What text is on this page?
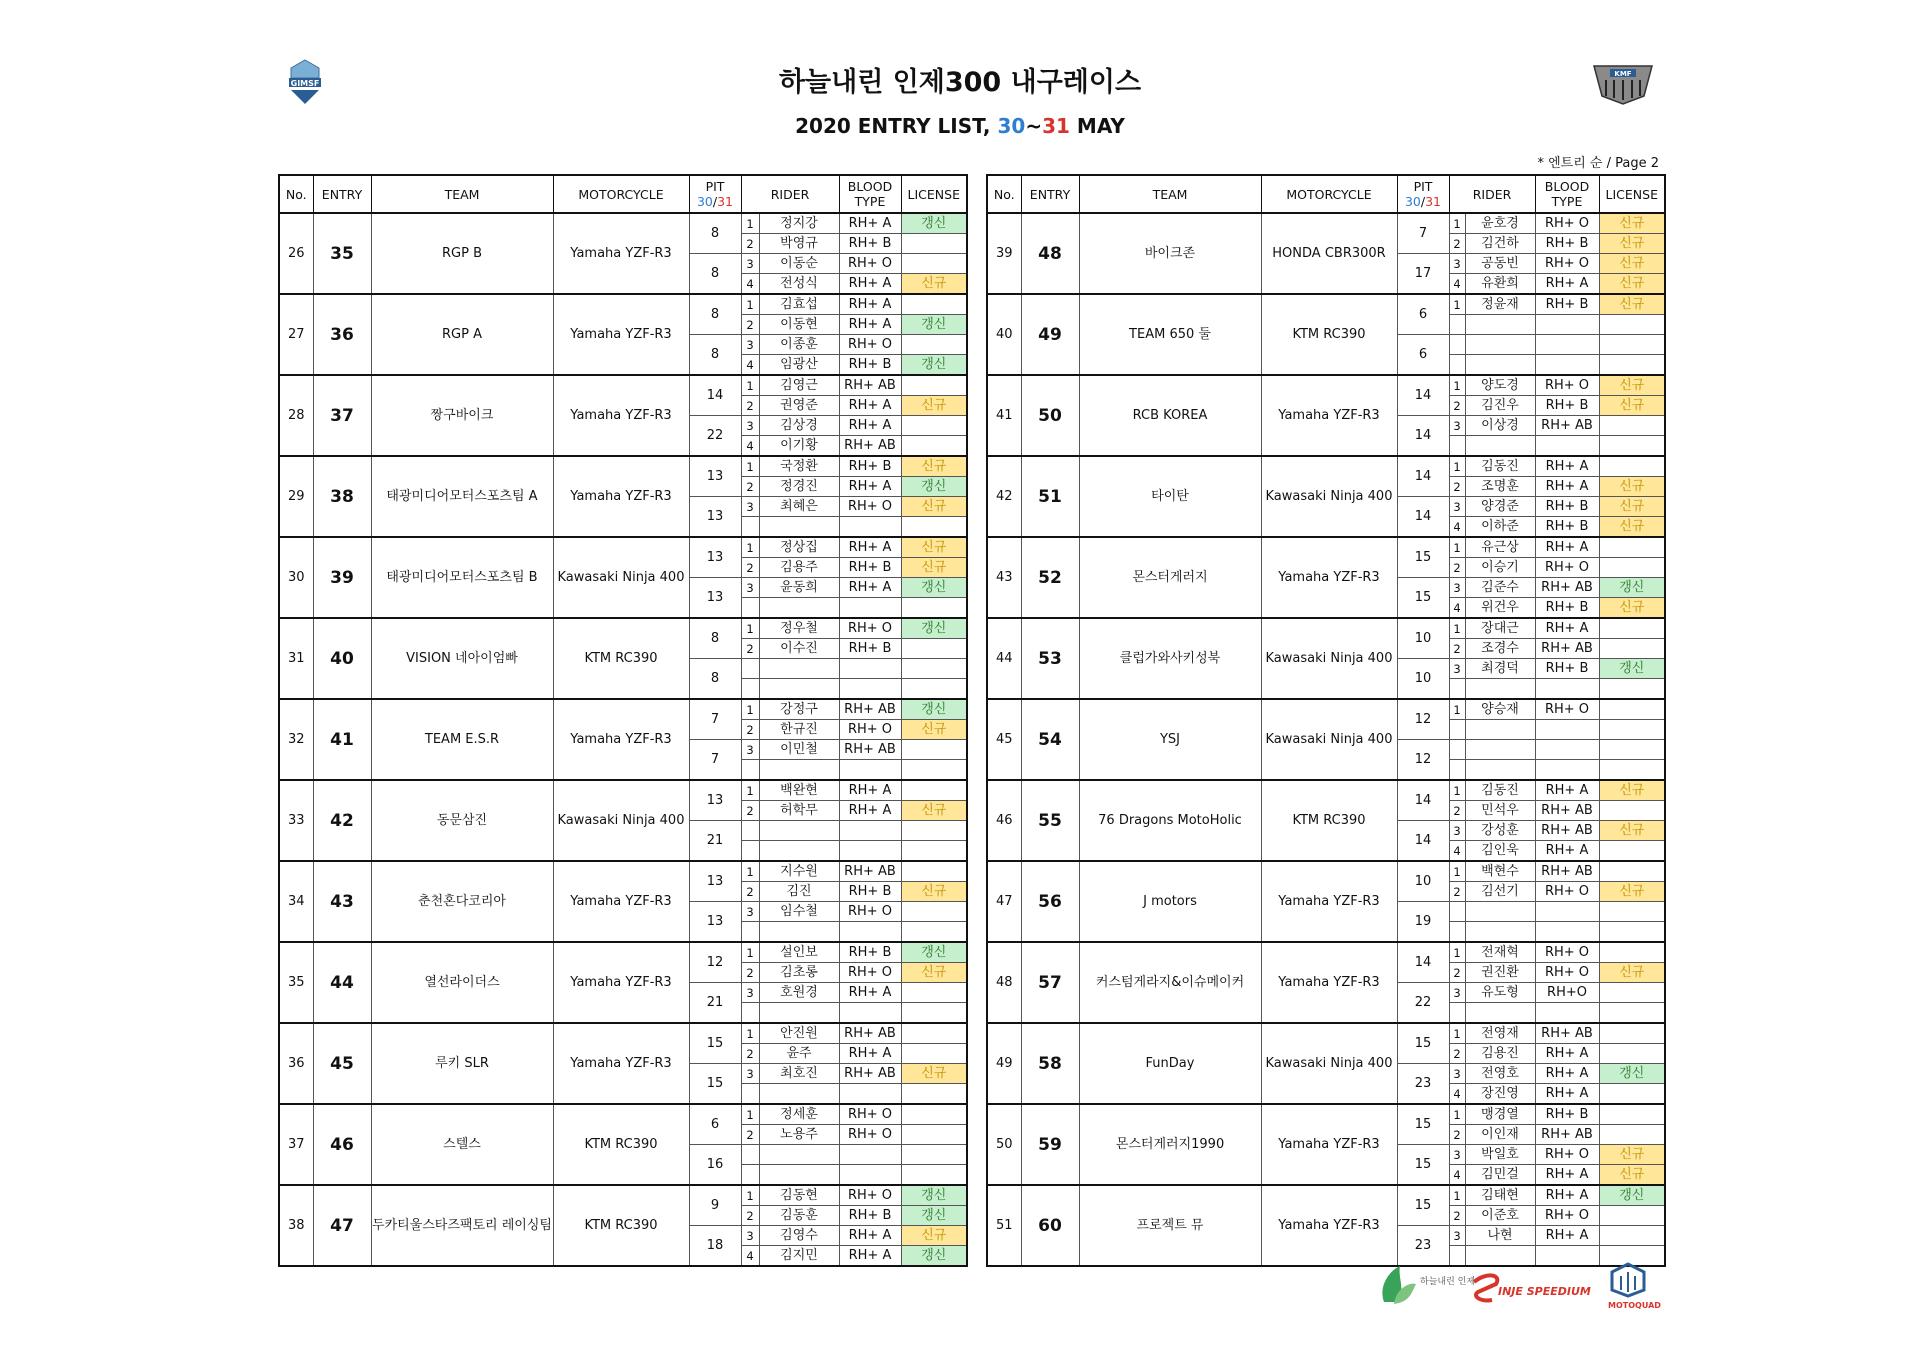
GIMSF
KMF
하늘내린 인제300 내구레이스
2020 ENTRY LIST, 30~31 MAY
* 엔트리 순 / Page 2
No.	ENTRY	TEAM	MOTORCYCLE	PIT
30/31	RIDER		BLOOD
TYPE	LICENSE
26	35	RGP B	Yamaha YZF-R3	8	1	정지강	RH+ A	갱신
					2	박영규	RH+ B	
				8	3	이동순	RH+ O	
					4	전성식	RH+ A	신규
27	36	RGP A	Yamaha YZF-R3	8	1	김효섭	RH+ A	
					2	이동현	RH+ A	갱신
				8	3	이종훈	RH+ O	
					4	임광산	RH+ B	갱신
28	37	짱구바이크	Yamaha YZF-R3	14	1	김영근	RH+ AB	
					2	권영준	RH+ A	신규
				22	3	김상경	RH+ A	
					4	이기황	RH+ AB	
29	38	태광미디어모터스포츠팀 A	Yamaha YZF-R3	13	1	국정환	RH+ B	신규
					2	정경진	RH+ A	갱신
				13	3	최혜은	RH+ O	신규

30	39	태광미디어모터스포츠팀 B	Kawasaki Ninja 400	13	1	정상집	RH+ A	신규
					2	김용주	RH+ B	신규
				13	3	윤동희	RH+ A	갱신

31	40	VISION 네아이엄빠	KTM RC390	8	1	정우철	RH+ O	갱신
					2	이수진	RH+ B	
				8				

32	41	TEAM E.S.R	Yamaha YZF-R3	7	1	강정구	RH+ AB	갱신
					2	한규진	RH+ O	신규
				7	3	이민철	RH+ AB	

33	42	동문삼진	Kawasaki Ninja 400	13	1	백완현	RH+ A	
					2	허학무	RH+ A	신규
				21				

34	43	춘천혼다코리아	Yamaha YZF-R3	13	1	지수원	RH+ AB	
					2	김진	RH+ B	신규
				13	3	임수철	RH+ O	

35	44	열선라이더스	Yamaha YZF-R3	12	1	설인보	RH+ B	갱신
					2	김초롱	RH+ O	신규
				21	3	호원경	RH+ A	

36	45	루키 SLR	Yamaha YZF-R3	15	1	안진원	RH+ AB	
					2	윤주	RH+ A	
				15	3	최호진	RH+ AB	신규

37	46	스텔스	KTM RC390	6	1	정세훈	RH+ O	
					2	노용주	RH+ O	
				16				

38	47	두카티울스타즈팩토리 레이싱팀	KTM RC390	9	1	김동현	RH+ O	갱신
					2	김동훈	RH+ B	갱신
				18	3	김영수	RH+ A	신규
					4	김지민	RH+ A	갱신
No.	ENTRY	TEAM	MOTORCYCLE	PIT
30/31	RIDER		BLOOD
TYPE	LICENSE
39	48	바이크존	HONDA CBR300R	7	1	윤호경	RH+ O	신규
					2	김건하	RH+ B	신규
				17	3	공동빈	RH+ O	신규
					4	유환희	RH+ A	신규
40	49	TEAM 650 둘	KTM RC390	6	1	정윤재	RH+ B	신규

				6				

41	50	RCB KOREA	Yamaha YZF-R3	14	1	양도경	RH+ O	신규
					2	김진우	RH+ B	신규
				14	3	이상경	RH+ AB	

42	51	타이탄	Kawasaki Ninja 400	14	1	김동진	RH+ A	
					2	조명훈	RH+ A	신규
				14	3	양경준	RH+ B	신규
					4	이하준	RH+ B	신규
43	52	몬스터게러지	Yamaha YZF-R3	15	1	유근상	RH+ A	
					2	이승기	RH+ O	
				15	3	김준수	RH+ AB	갱신
					4	위건우	RH+ B	신규
44	53	클럽가와사키성북	Kawasaki Ninja 400	10	1	장대근	RH+ A	
					2	조경수	RH+ AB	
				10	3	최경덕	RH+ B	갱신

45	54	YSJ	Kawasaki Ninja 400	12	1	양승재	RH+ O	

				12				

46	55	76 Dragons MotoHolic	KTM RC390	14	1	김동진	RH+ A	신규
					2	민석우	RH+ AB	
				14	3	강성훈	RH+ AB	신규
					4	김인욱	RH+ A	
47	56	J motors	Yamaha YZF-R3	10	1	백현수	RH+ AB	
					2	김선기	RH+ O	신규
				19				

48	57	커스텀게라지&이슈메이커	Yamaha YZF-R3	14	1	전재혁	RH+ O	
					2	권진환	RH+ O	신규
				22	3	유도형	RH+O	

49	58	FunDay	Kawasaki Ninja 400	15	1	전영재	RH+ AB	
					2	김용진	RH+ A	
				23	3	전영호	RH+ A	갱신
					4	장진영	RH+ A	
50	59	몬스터게러지1990	Yamaha YZF-R3	15	1	맹경열	RH+ B	
					2	이인재	RH+ AB	
				15	3	박일호	RH+ O	신규
					4	김민걸	RH+ A	신규
51	60	프로젝트 뮤	Yamaha YZF-R3	15	1	김태현	RH+ A	갱신
					2	이준호	RH+ O	
				23	3	나현	RH+ A	

하늘내린 인제
INJE SPEEDIUM
MOTOQUAD
